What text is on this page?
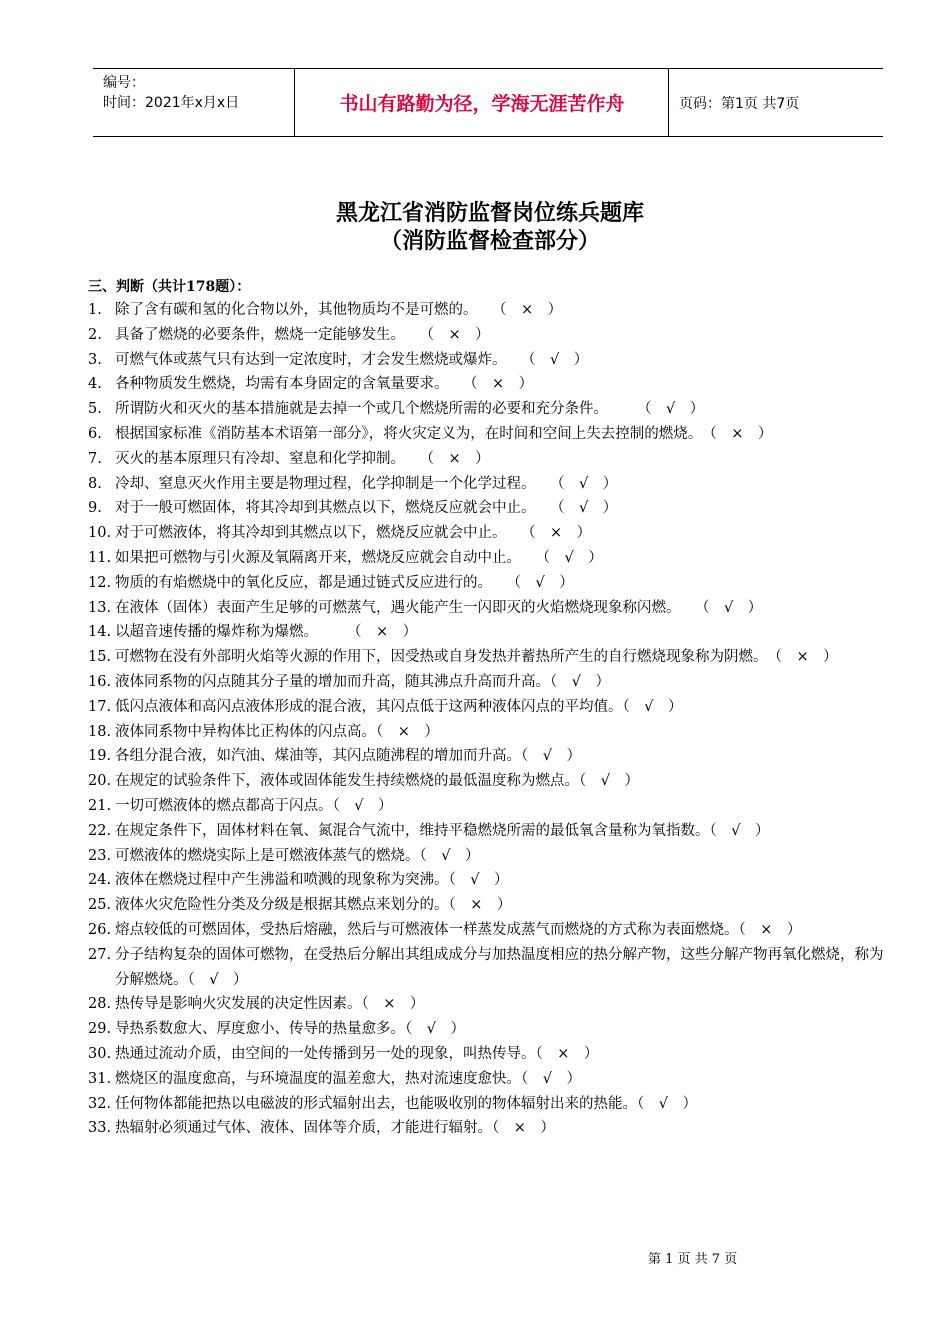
编号：
时间：2021年x月x日	书山有路勤为径，学海无涯苦作舟	页码：第1页 共7页
黑龙江省消防监督岗位练兵题库
（消防监督检查部分）
三、判断（共计178题）：
1. 除了含有碳和氢的化合物以外，其他物质均不是可燃的。　　（　×　）
2. 具备了燃烧的必要条件，燃烧一定能够发生。　　（　×　）
3. 可燃气体或蒸气只有达到一定浓度时，才会发生燃烧或爆炸。　　（　√　）
4. 各种物质发生燃烧，均需有本身固定的含氧量要求。　　（　×　）
5. 所谓防火和灭火的基本措施就是去掉一个或几个燃烧所需的必要和充分条件。　　　（　√　）
6. 根据国家标准《消防基本术语第一部分》，将火灾定义为，在时间和空间上失去控制的燃烧。　（　×　）
7. 灭火的基本原理只有冷却、窒息和化学抑制。　　（　×　）
8. 冷却、窒息灭火作用主要是物理过程，化学抑制是一个化学过程。　　（　√　）
9. 对于一般可燃固体，将其冷却到其燃点以下，燃烧反应就会中止。　　（　√　）
10. 对于可燃液体，将其冷却到其燃点以下，燃烧反应就会中止。　　（　×　）
11. 如果把可燃物与引火源及氧隔离开来，燃烧反应就会自动中止。　　（　√　）
12. 物质的有焰燃烧中的氧化反应，都是通过链式反应进行的。　　（　√　）
13. 在液体（固体）表面产生足够的可燃蒸气，遇火能产生一闪即灭的火焰燃烧现象称闪燃。　　（　√　）
14. 以超音速传播的爆炸称为爆燃。　　　（　×　）
15. 可燃物在没有外部明火焰等火源的作用下，因受热或自身发热并蓄热所产生的自行燃烧现象称为阴燃。　（　×　）
16. 液体同系物的闪点随其分子量的增加而升高，随其沸点升高而升高。（　√　）
17. 低闪点液体和高闪点液体形成的混合液，其闪点低于这两种液体闪点的平均值。（　√　）
18. 液体同系物中异构体比正构体的闪点高。（　×　）
19. 各组分混合液，如汽油、煤油等，其闪点随沸程的增加而升高。（　√　）
20. 在规定的试验条件下，液体或固体能发生持续燃烧的最低温度称为燃点。（　√　）
21. 一切可燃液体的燃点都高于闪点。（　√　）
22. 在规定条件下，固体材料在氧、氮混合气流中，维持平稳燃烧所需的最低氧含量称为氧指数。（　√　）
23. 可燃液体的燃烧实际上是可燃液体蒸气的燃烧。（　√　）
24. 液体在燃烧过程中产生沸溢和喷溅的现象称为突沸。（　√　）
25. 液体火灾危险性分类及分级是根据其燃点来划分的。（　×　）
26. 熔点较低的可燃固体，受热后熔融，然后与可燃液体一样蒸发成蒸气而燃烧的方式称为表面燃烧。（　×　）
27. 分子结构复杂的固体可燃物，在受热后分解出其组成成分与加热温度相应的热分解产物，这些分解产物再氧化燃烧，称为分解燃烧。（　√　）
28. 热传导是影响火灾发展的决定性因素。（　×　）
29. 导热系数愈大、厚度愈小、传导的热量愈多。（　√　）
30. 热通过流动介质，由空间的一处传播到另一处的现象，叫热传导。（　×　）
31. 燃烧区的温度愈高，与环境温度的温差愈大，热对流速度愈快。（　√　）
32. 任何物体都能把热以电磁波的形式辐射出去，也能吸收别的物体辐射出来的热能。（　√　）
33. 热辐射必须通过气体、液体、固体等介质，才能进行辐射。（　×　）
第 1 页 共 7 页
